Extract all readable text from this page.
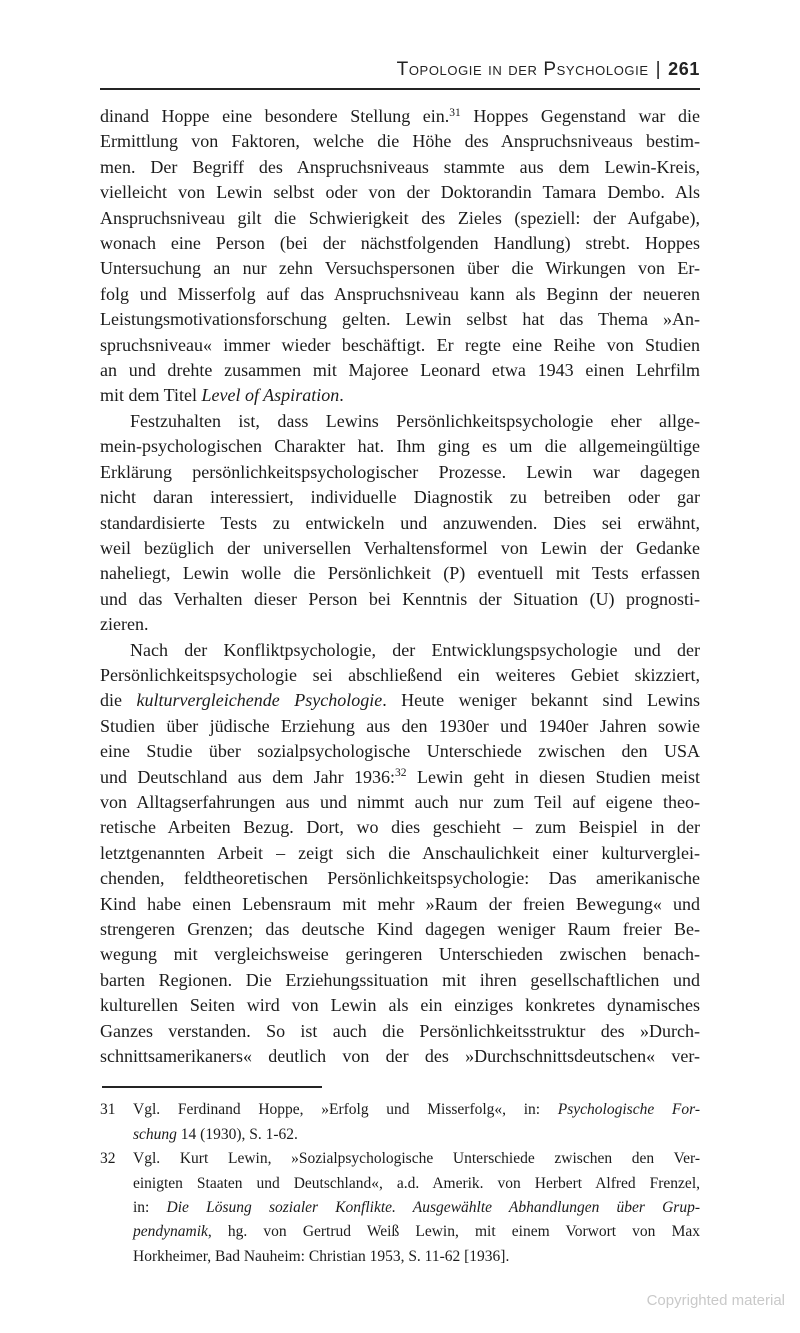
Topologie in der Psychologie | 261
dinand Hoppe eine besondere Stellung ein.$^{31}$ Hoppes Gegenstand war die
Ermittlung von Faktoren, welche die Höhe des Anspruchsniveaus bestim-
men. Der Begriff des Anspruchsniveaus stammte aus dem Lewin-Kreis,
vielleicht von Lewin selbst oder von der Doktorandin Tamara Dembo. Als
Anspruchsniveau gilt die Schwierigkeit des Zieles (speziell: der Aufgabe),
wonach eine Person (bei der nächstfolgenden Handlung) strebt. Hoppes
Untersuchung an nur zehn Versuchspersonen über die Wirkungen von Er-
folg und Misserfolg auf das Anspruchsniveau kann als Beginn der neueren
Leistungsmotivationsforschung gelten. Lewin selbst hat das Thema »An-
spruchsniveau« immer wieder beschäftigt. Er regte eine Reihe von Studien
an und drehte zusammen mit Majoree Leonard etwa 1943 einen Lehrfilm
mit dem Titel Level of Aspiration.
Festzuhalten ist, dass Lewins Persönlichkeitspsychologie eher allge-
mein-psychologischen Charakter hat. Ihm ging es um die allgemeingültige
Erklärung persönlichkeitspsychologischer Prozesse. Lewin war dagegen
nicht daran interessiert, individuelle Diagnostik zu betreiben oder gar
standardisierte Tests zu entwickeln und anzuwenden. Dies sei erwähnt,
weil bezüglich der universellen Verhaltensformel von Lewin der Gedanke
naheliegt, Lewin wolle die Persönlichkeit (P) eventuell mit Tests erfassen
und das Verhalten dieser Person bei Kenntnis der Situation (U) prognosti-
zieren.
Nach der Konfliktpsychologie, der Entwicklungspsychologie und der
Persönlichkeitspsychologie sei abschließend ein weiteres Gebiet skizziert,
die kulturvergleichende Psychologie. Heute weniger bekannt sind Lewins
Studien über jüdische Erziehung aus den 1930er und 1940er Jahren sowie
eine Studie über sozialpsychologische Unterschiede zwischen den USA
und Deutschland aus dem Jahr 1936:$^{32}$ Lewin geht in diesen Studien meist
von Alltagserfahrungen aus und nimmt auch nur zum Teil auf eigene theo-
retische Arbeiten Bezug. Dort, wo dies geschieht – zum Beispiel in der
letztgenannten Arbeit – zeigt sich die Anschaulichkeit einer kulturverglei-
chenden, feldtheoretischen Persönlichkeitspsychologie: Das amerikanische
Kind habe einen Lebensraum mit mehr »Raum der freien Bewegung« und
strengeren Grenzen; das deutsche Kind dagegen weniger Raum freier Be-
wegung mit vergleichsweise geringeren Unterschieden zwischen benach-
barten Regionen. Die Erziehungssituation mit ihren gesellschaftlichen und
kulturellen Seiten wird von Lewin als ein einziges konkretes dynamisches
Ganzes verstanden. So ist auch die Persönlichkeitsstruktur des »Durch-
schnittsamerikaners« deutlich von der des »Durchschnittsdeutschen« ver-
31	Vgl. Ferdinand Hoppe, »Erfolg und Misserfolg«, in: Psychologische For-
schung 14 (1930), S. 1-62.
32	Vgl. Kurt Lewin, »Sozialpsychologische Unterschiede zwischen den Ver-
einigten Staaten und Deutschland«, a.d. Amerik. von Herbert Alfred Frenzel,
in: Die Lösung sozialer Konflikte. Ausgewählte Abhandlungen über Grup-
pendynamik, hg. von Gertrud Weiß Lewin, mit einem Vorwort von Max
Horkheimer, Bad Nauheim: Christian 1953, S. 11-62 [1936].
Copyrighted material
